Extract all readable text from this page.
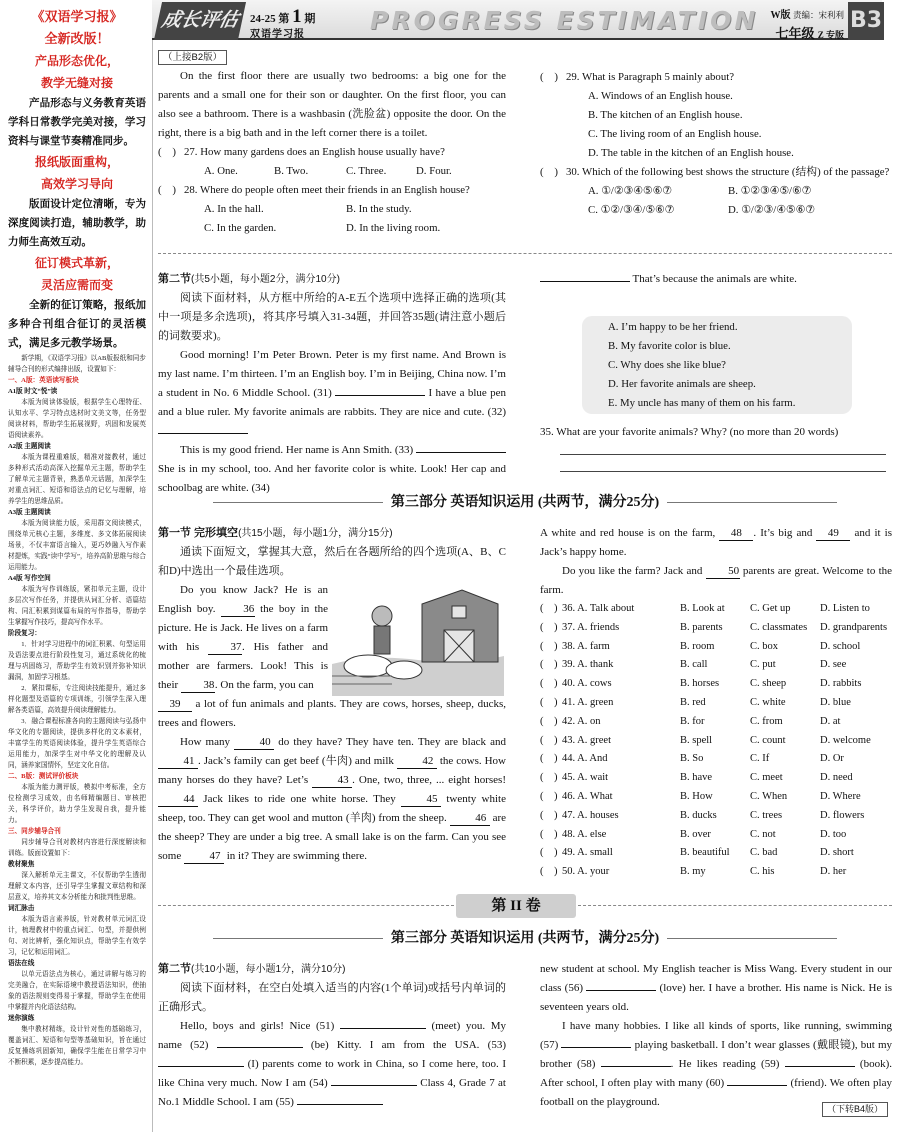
《双语学习报》
全新改版！
产品形态优化，
教学无缝对接
产品形态与义务教育英语学科日常教学完美对接，学习资料与课堂节奏精准同步。
报纸版面重构，
高效学习导向
版面设计定位清晰，专为深度阅读打造，辅助教学，助力师生高效互动。
征订模式革新，
灵活应需而变
全新的征订策略，报纸加多种合刊组合征订的灵活模式，满足多元教学场景。
新学期，《双语学习报》以AB版报纸和同步辅导合刊的形式编排出版，设置如下：
一、A版：英语读写板块
A1版 时文“悦”读
本版为阅读体验版，根据学生心理特征、认知水平、学习特点选材时文美文等，任务型阅读材料，帮助学生拓展视野，巩固和发展英语阅读素养。
A2版 主题阅读
本版为课程重难版，精准对接教材，通过多种形式活动高深入挖掘单元主题，帮助学生了解单元主题背景，熟悉单元话题，加深学生对重点词汇、短语和语法点的记忆与理解，培养学生的思维品质。
A3版 主题阅读
本版为阅读能力版，采用群文阅读模式，围绕单元核心主题，多维度、多文体拓展阅读场景，不仅丰富语言输入，更巧妙融入写作素材提炼，实践“读中学写”，培养高阶思维与综合运用能力。
A4版 写作空间
本版为写作训练版，紧扣单元主题，设计多层次写作任务，并提供从词汇分析、语篇结构、同汇积累到谋篇布局的写作指导，帮助学生掌握写作技巧，提高写作水平。
阶段复习：
1．针对学习进程中的词汇积累、句型运用及语法要点进行阶段性复习，通过系统化的梳理与巩固练习，帮助学生有效识别并弥补知识漏洞，加固学习根基。
2．紧扣课标，专注阅读技能提升，通过多样化题型及语篇的专项训练，引领学生深入理解各类语篇，高效提升阅读理解能力。
3．融合课程标准各向的主题阅读与弘扬中华文化的专题阅读，提供多样化的文本素材，丰富学生的英语阅读体验，提升学生英语综合运用能力，加深学生对中华文化的理解及认同，涵养家国情怀，坚定文化自信。
二、B版：测试评价板块
本版为能力测评版，模拟中考标准，全方位检测学习成效，由名师精编题目、审核把关，科学评价，助力学生发现自我，提升能力。
三、同步辅导合刊
同步辅导合刊对教材内容进行深度解读和训练。版面设置如下：
教材聚焦
深入解析单元主课文，不仅帮助学生透彻理解文本内容，还引导学生掌握文章结构和深层意义，培养其文本分析能力和批判性思维。
词汇脉击
本版为语言素养版，针对教材单元词汇设计，梳理教材中的重点词汇、句型，并提供例句、对比辨析，强化知识点，帮助学生有效学习，记忆和运用词汇。
语法在线
以单元语法点为核心，通过讲解与练习的完美融合，在实际语境中教授语法知识，使抽象的语法规则变得易于掌握，帮助学生在使用中掌握并内化语法结构。
迷你演练
集中教材精练，设计针对性的基础练习，覆盖词汇、短语和句型等基础知识，旨在通过反复操练巩固新知，确保学生能在日常学习中不断积累，逐步提高能力。
成长评估 24-25 第 1 期
双语学习报	PROGRESS ESTIMATION	W版 责编：宋利利
七年级 Z 专版
B3
（上接B2版）
On the first floor there are usually two bedrooms: a big one for the parents and a small one for their son or daughter. On the first floor, you can also see a bathroom. There is a washbasin (洗脸盆) opposite the door. On the right, there is a big bath and in the left corner there is a toilet.
(　) 27. How many gardens does an English house usually have?
A. One.	B. Two.	C. Three.	D. Four.
(　) 28. Where do people often meet their friends in an English house?
A. In the hall.	B. In the study.
C. In the garden.	D. In the living room.
(　) 29. What is Paragraph 5 mainly about?
A. Windows of an English house.
B. The kitchen of an English house.
C. The living room of an English house.
D. The table in the kitchen of an English house.
(　) 30. Which of the following best shows the structure (结构) of the passage?
A. ①/②③④⑤⑥⑦	B. ①②③④⑤/⑥⑦
C. ①②/③④/⑤⑥⑦	D. ①/②③/④⑤⑥⑦
第二节(共5小题，每小题2分，满分10分)
阅读下面材料，从方框中所给的A-E五个选项中选择正确的选项(其中一项是多余选项)，将其序号填入31-34题，并回答35题(请注意小题后的词数要求)。
Good morning! I’m Peter Brown. Peter is my first name. And Brown is my last name. I’m thirteen. I’m an English boy. I’m in Beijing, China now. I’m a student in No. 6 Middle School. (31)	I have a blue pen and a blue ruler. My favorite animals are rabbits. They are nice and cute. (32)
This is my good friend. Her name is Ann Smith. (33)  She is in my school, too. And her favorite color is white. Look! Her cap and schoolbag are white. (34)
That’s because the animals are white.
A. I’m happy to be her friend.
B. My favorite color is blue.
C. Why does she like blue?
D. Her favorite animals are sheep.
E. My uncle has many of them on his farm.
35. What are your favorite animals? Why? (no more than 20 words)
第三部分 英语知识运用 (共两节，满分25分)
第一节 完形填空(共15小题，每小题1分，满分15分)
通读下面短文，掌握其大意，然后在各题所给的四个选项(A、B、C和D)中选出一个最佳选项。
Do you know Jack? He is an English boy. 36 the boy in the picture. He is Jack. He lives on a farm with his 37. His father and mother are farmers. Look! This is their 38. On the farm, you can
39 a lot of fun animals and plants. They are cows, horses, sheep, ducks, trees and flowers.
How many 40 do they have? They have ten. They are black and 41 . Jack’s family can get beef (牛肉) and milk 42 the cows. How many horses do they have? Let’s 43 . One, two, three, ... eight horses! 44 Jack likes to ride one white horse. They 45 twenty white sheep, too. They can get wool and mutton (羊肉) from the sheep. 46 are the sheep? They are under a big tree. A small lake is on the farm. Can you see some 47 in it? They are swimming there.
A white and red house is on the farm, 48 . It’s big and 49 and it is Jack’s happy home.
Do you like the farm? Jack and 50 parents are great. Welcome to the farm.
(　) 36. A. Talk about	B. Look at	C. Get up	D. Listen to
(　) 37. A. friends	B. parents	C. classmates	D. grandparents
(　) 38. A. farm	B. room	C. box	D. school
(　) 39. A. thank	B. call	C. put	D. see
(　) 40. A. cows	B. horses	C. sheep	D. rabbits
(　) 41. A. green	B. red	C. white	D. blue
(　) 42. A. on	B. for	C. from	D. at
(　) 43. A. greet	B. spell	C. count	D. welcome
(　) 44. A. And	B. So	C. If	D. Or
(　) 45. A. wait	B. have	C. meet	D. need
(　) 46. A. What	B. How	C. When	D. Where
(　) 47. A. houses	B. ducks	C. trees	D. flowers
(　) 48. A. else	B. over	C. not	D. too
(　) 49. A. small	B. beautiful	C. bad	D. short
(　) 50. A. your	B. my	C. his	D. her
第 II 卷
第三部分 英语知识运用 (共两节，满分25分)
第二节(共10小题，每小题1分，满分10分)
阅读下面材料，在空白处填入适当的内容(1个单词)或括号内单词的正确形式。
Hello, boys and girls! Nice (51)	(meet) you. My name (52)	(be) Kitty. I am from the USA. (53)  (I) parents come to work in China, so I come here, too. I like China very much. Now I am (54)	Class 4, Grade 7 at No.1 Middle School. I am (55)
new student at school. My English teacher is Miss Wang. Every student in our class (56)	(love) her. I have a brother. His name is Nick. He is seventeen years old.
I have many hobbies. I like all kinds of sports, like running, swimming (57)	playing basketball. I don’t wear glasses (戴眼镜), but my brother (58)	. He likes reading (59)	(book). After school, I often play with many (60)	(friend). We often play football on the playground.
（下转B4版）
